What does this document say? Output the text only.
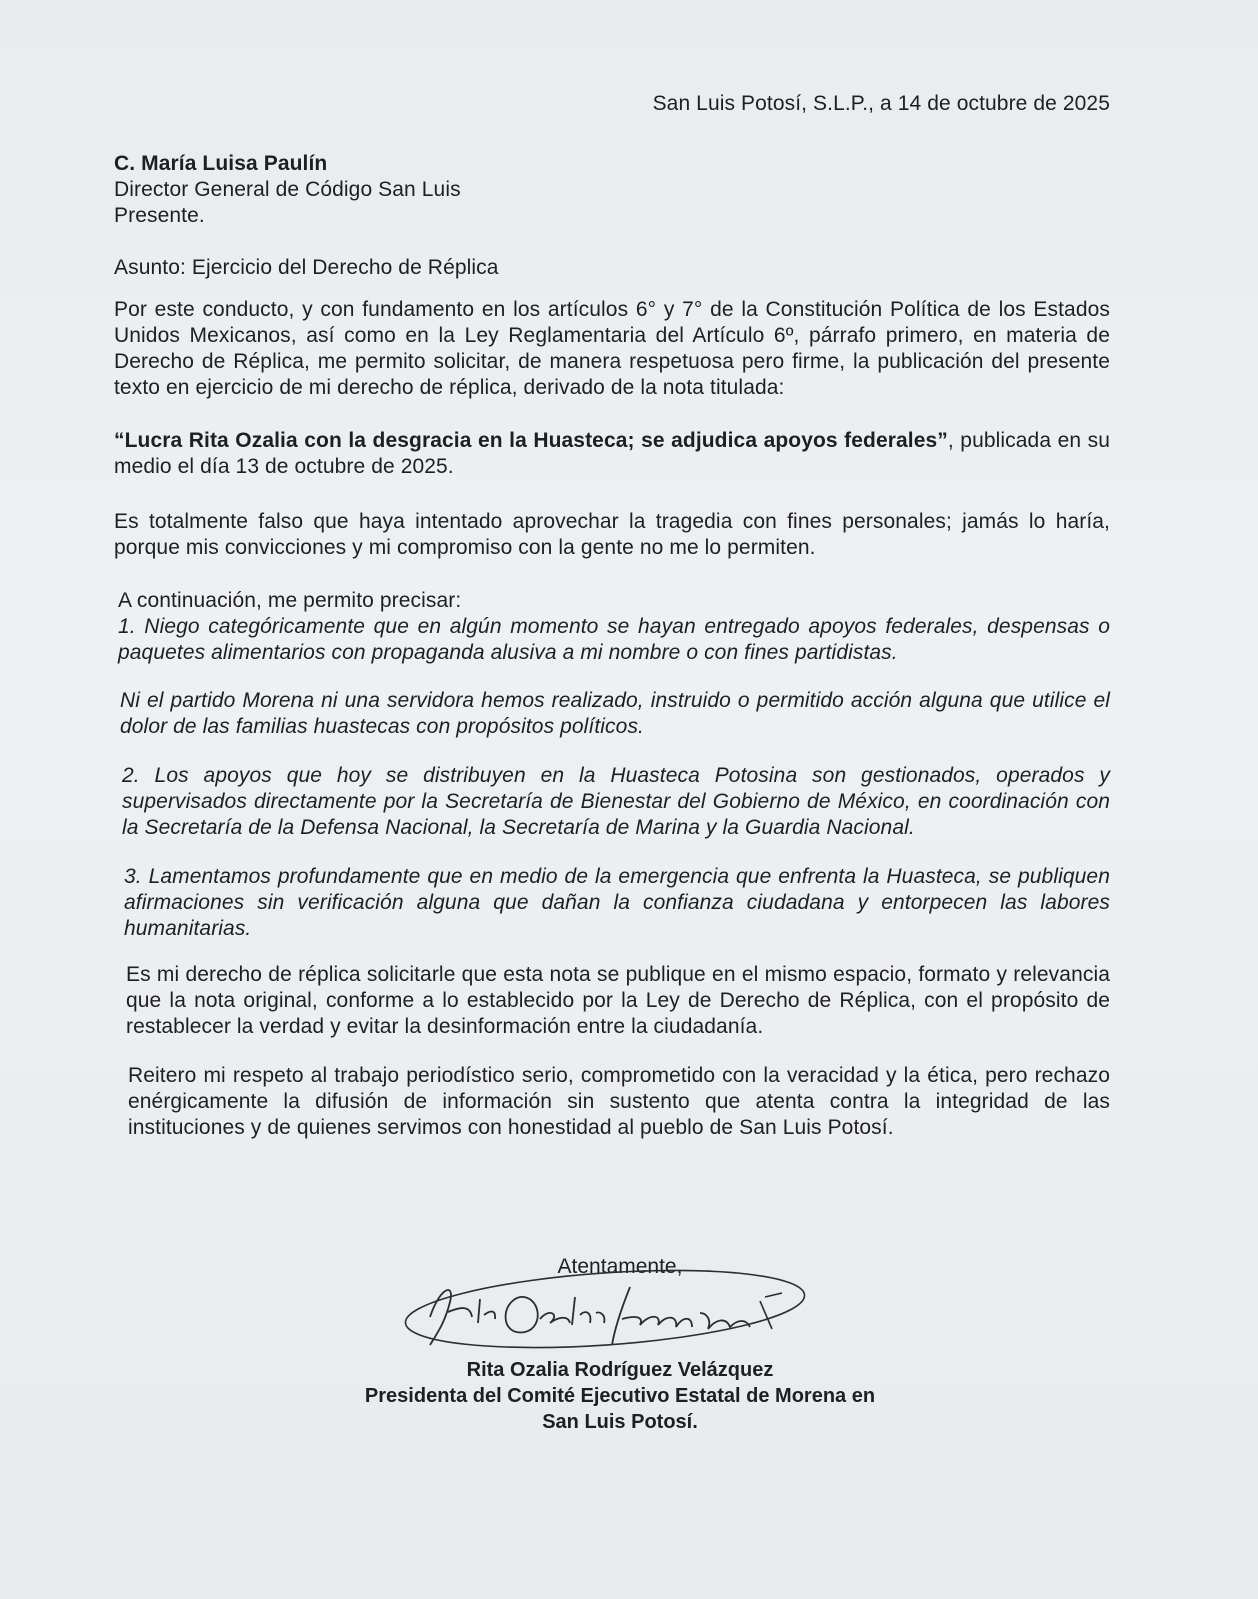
San Luis Potosí, S.L.P., a 14 de octubre de 2025
C. María Luisa Paulín
Director General de Código San Luis
Presente.
Asunto: Ejercicio del Derecho de Réplica
Por este conducto, y con fundamento en los artículos 6° y 7° de la Constitución Política de los Estados Unidos Mexicanos, así como en la Ley Reglamentaria del Artículo 6º, párrafo primero, en materia de Derecho de Réplica, me permito solicitar, de manera respetuosa pero firme, la publicación del presente texto en ejercicio de mi derecho de réplica, derivado de la nota titulada:
“Lucra Rita Ozalia con la desgracia en la Huasteca; se adjudica apoyos federales”, publicada en su medio el día 13 de octubre de 2025.
Es totalmente falso que haya intentado aprovechar la tragedia con fines personales; jamás lo haría, porque mis convicciones y mi compromiso con la gente no me lo permiten.
A continuación, me permito precisar:
1. Niego categóricamente que en algún momento se hayan entregado apoyos federales, despensas o paquetes alimentarios con propaganda alusiva a mi nombre o con fines partidistas.
Ni el partido Morena ni una servidora hemos realizado, instruido o permitido acción alguna que utilice el dolor de las familias huastecas con propósitos políticos.
2. Los apoyos que hoy se distribuyen en la Huasteca Potosina son gestionados, operados y supervisados directamente por la Secretaría de Bienestar del Gobierno de México, en coordinación con la Secretaría de la Defensa Nacional, la Secretaría de Marina y la Guardia Nacional.
3. Lamentamos profundamente que en medio de la emergencia que enfrenta la Huasteca, se publiquen afirmaciones sin verificación alguna que dañan la confianza ciudadana y entorpecen las labores humanitarias.
Es mi derecho de réplica solicitarle que esta nota se publique en el mismo espacio, formato y relevancia que la nota original, conforme a lo establecido por la Ley de Derecho de Réplica, con el propósito de restablecer la verdad y evitar la desinformación entre la ciudadanía.
Reitero mi respeto al trabajo periodístico serio, comprometido con la veracidad y la ética, pero rechazo enérgicamente la difusión de información sin sustento que atenta contra la integridad de las instituciones y de quienes servimos con honestidad al pueblo de San Luis Potosí.
Atentamente,
Rita Ozalia Rodríguez Velázquez
Presidenta del Comité Ejecutivo Estatal de Morena en
San Luis Potosí.
